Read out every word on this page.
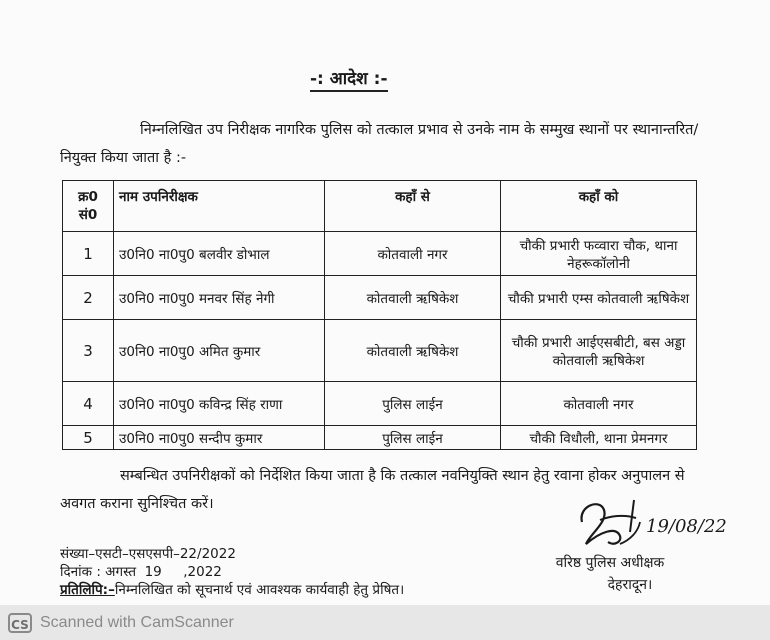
-: आदेश :-
निम्नलिखित उप निरीक्षक नागरिक पुलिस को तत्काल प्रभाव से उनके नाम के सम्मुख स्थानों पर स्थानान्तरित/नियुक्त किया जाता है :-
क्र0 सं0	नाम उपनिरीक्षक	कहाँ से	कहाँ को
1	उ0नि0 ना0पु0 बलवीर डोभाल	कोतवाली नगर	चौकी प्रभारी फव्वारा चौक, थाना नेहरूकॉलोनी
2	उ0नि0 ना0पु0 मनवर सिंह नेगी	कोतवाली ऋषिकेश	चौकी प्रभारी एम्स कोतवाली ऋषिकेश
3	उ0नि0 ना0पु0 अमित कुमार	कोतवाली ऋषिकेश	चौकी प्रभारी आईएसबीटी, बस अड्डा कोतवाली ऋषिकेश
4	उ0नि0 ना0पु0 कविन्द्र सिंह राणा	पुलिस लाईन	कोतवाली नगर
5	उ0नि0 ना0पु0 सन्दीप कुमार	पुलिस लाईन	चौकी विधौली, थाना प्रेमनगर
सम्बन्धित उपनिरीक्षकों को निर्देशित किया जाता है कि तत्काल नवनियुक्ति स्थान हेतु रवाना होकर अनुपालन से अवगत कराना सुनिश्चित करें।
संख्या–एसटी–एसएसपी–22/2022
दिनांक : अगस्त  19     ,2022
प्रतिलिपि:–निम्नलिखित को सूचनार्थ एवं आवश्यक कार्यवाही हेतु प्रेषित।
19/08/22
वरिष्ठ पुलिस अधीक्षक
देहरादून।
CS Scanned with CamScanner
